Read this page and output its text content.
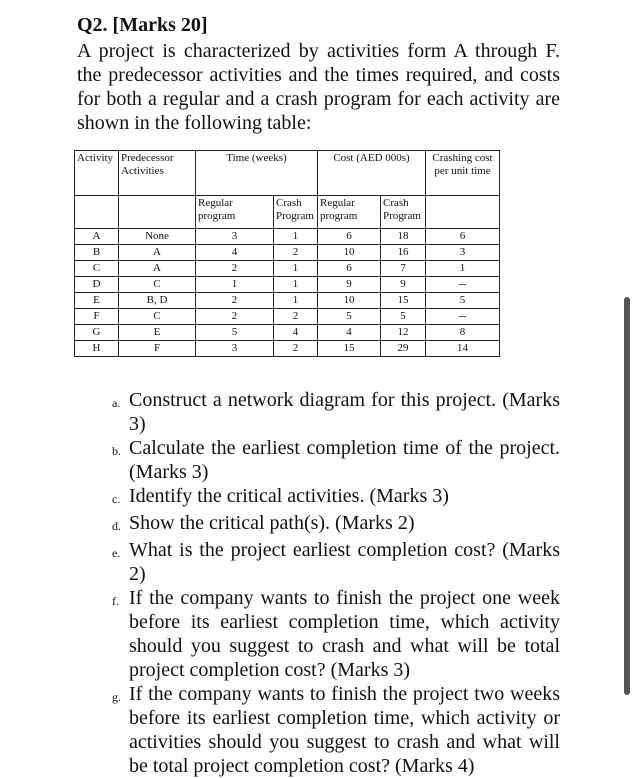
Q2. [Marks 20]

A project is characterized by activities form A through F. the predecessor activities and the times required, and costs for both a regular and a crash program for each activity are shown in the following table:

Activity	Predecessor Activities	Time (weeks)		Cost (AED 000s)		Crashing cost per unit time
		Regular program	Crash Program	Regular program	Crash Program	
A	None	3	1	6	18	6
B	A	4	2	10	16	3
C	A	2	1	6	7	1
D	C	1	1	9	9	--
E	B, D	2	1	10	15	5
F	C	2	2	5	5	--
G	E	5	4	4	12	8
H	F	3	2	15	29	14
a. Construct a network diagram for this project. (Marks 3)
b. Calculate the earliest completion time of the project. (Marks 3)
c. Identify the critical activities. (Marks 3)
d. Show the critical path(s). (Marks 2)
e. What is the project earliest completion cost? (Marks 2)
f. If the company wants to finish the project one week before its earliest completion time, which activity should you suggest to crash and what will be total project completion cost? (Marks 3)
g. If the company wants to finish the project two weeks before its earliest completion time, which activity or activities should you suggest to crash and what will be total project completion cost? (Marks 4)
